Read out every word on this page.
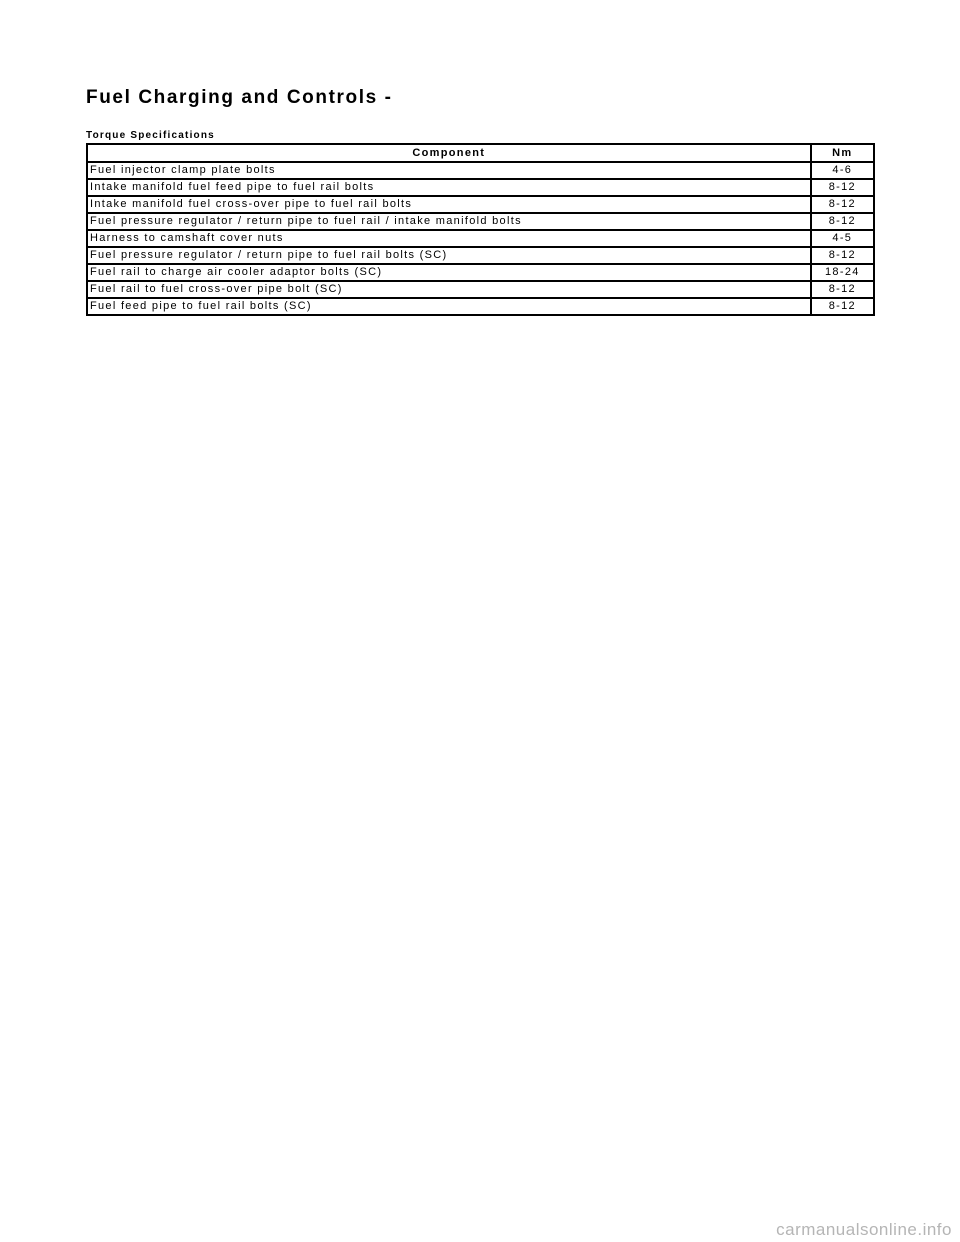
Fuel Charging and Controls -
Torque Specifications
Component	Nm
Fuel injector clamp plate bolts	4-6
Intake manifold fuel feed pipe to fuel rail bolts	8-12
Intake manifold fuel cross-over pipe to fuel rail bolts	8-12
Fuel pressure regulator / return pipe to fuel rail / intake manifold bolts	8-12
Harness to camshaft cover nuts	4-5
Fuel pressure regulator / return pipe to fuel rail bolts (SC)	8-12
Fuel rail to charge air cooler adaptor bolts (SC)	18-24
Fuel rail to fuel cross-over pipe bolt (SC)	8-12
Fuel feed pipe to fuel rail bolts (SC)	8-12
carmanualsonline.info
